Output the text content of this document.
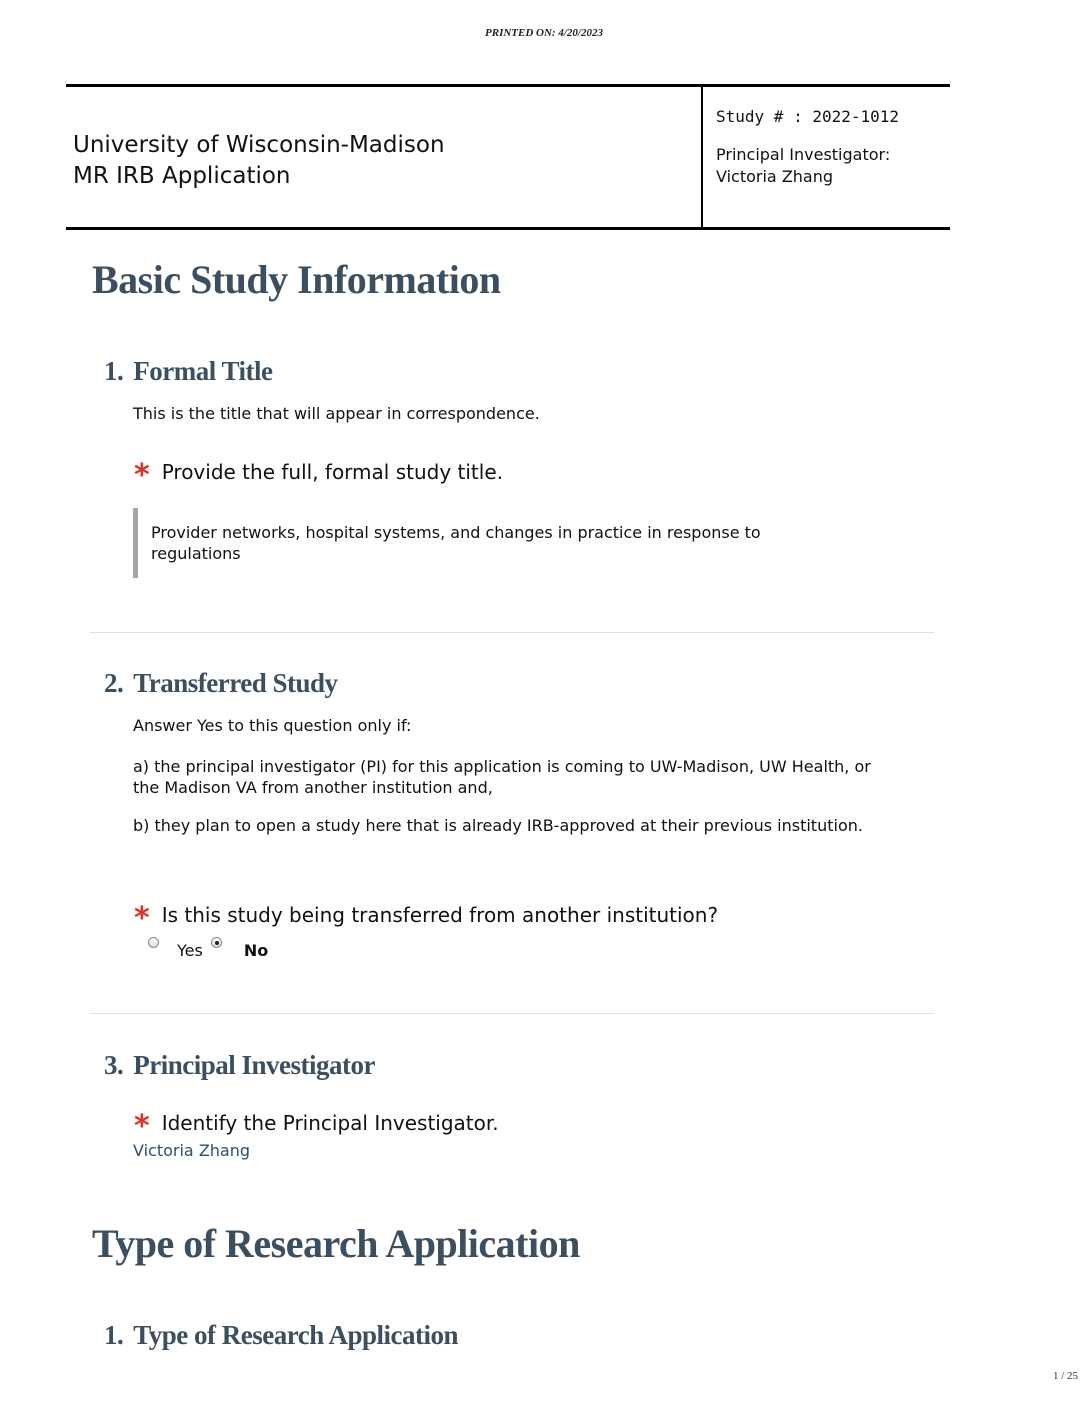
PRINTED ON: 4/20/2023
University of Wisconsin-Madison
MR IRB Application
Study # : 2022-1012
Principal Investigator:
Victoria Zhang
Basic Study Information
1. Formal Title
This is the title that will appear in correspondence.
* Provide the full, formal study title.
Provider networks, hospital systems, and changes in practice in response to regulations
2. Transferred Study
Answer Yes to this question only if:
a) the principal investigator (PI) for this application is coming to UW-Madison, UW Health, or the Madison VA from another institution and,
b) they plan to open a study here that is already IRB-approved at their previous institution.
* Is this study being transferred from another institution?
Yes	No
3. Principal Investigator
* Identify the Principal Investigator.
Victoria Zhang
Type of Research Application
1. Type of Research Application
1 / 25
